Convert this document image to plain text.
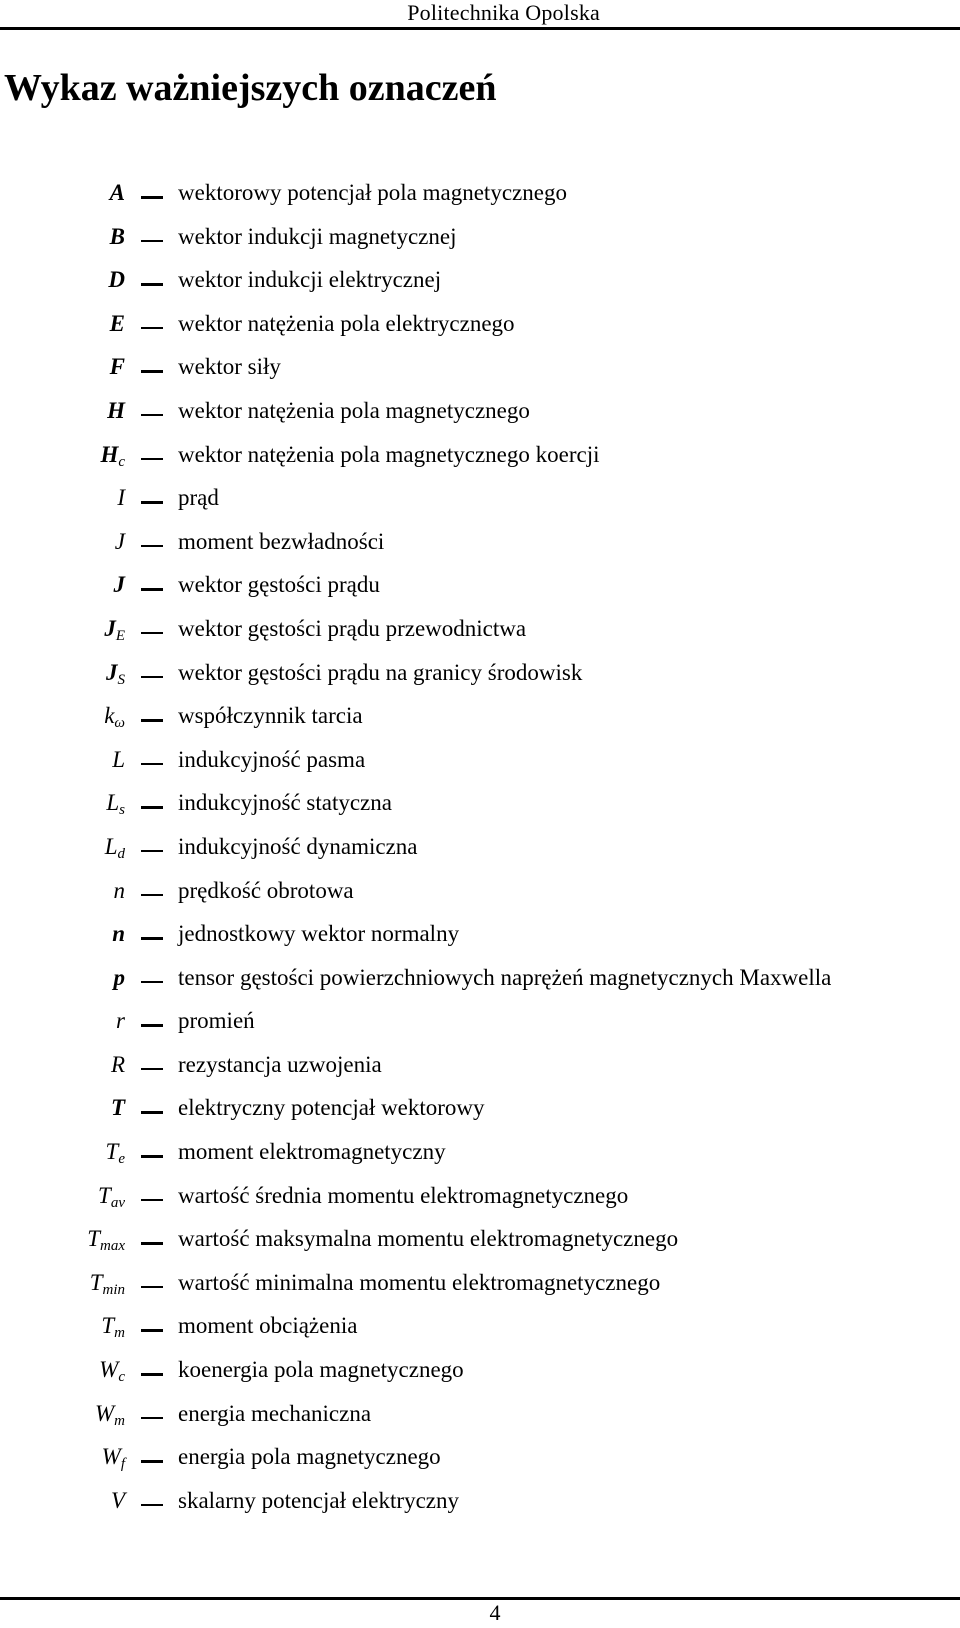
Politechnika Opolska
Wykaz ważniejszych oznaczeń
A wektorowy potencjał pola magnetycznego
B wektor indukcji magnetycznej
D wektor indukcji elektrycznej
E wektor natężenia pola elektrycznego
F wektor siły
H wektor natężenia pola magnetycznego
$H_c$ wektor natężenia pola magnetycznego koercji
I prąd
J moment bezwładności
J wektor gęstości prądu
$J_E$ wektor gęstości prądu przewodnictwa
$J_S$ wektor gęstości prądu na granicy środowisk
$k_\omega$ współczynnik tarcia
L indukcyjność pasma
$L_s$ indukcyjność statyczna
$L_d$ indukcyjność dynamiczna
n prędkość obrotowa
n jednostkowy wektor normalny
p tensor gęstości powierzchniowych naprężeń magnetycznych Maxwella
r promień
R rezystancja uzwojenia
T elektryczny potencjał wektorowy
$T_e$ moment elektromagnetyczny
$T_{av}$ wartość średnia momentu elektromagnetycznego
$T_{max}$ wartość maksymalna momentu elektromagnetycznego
$T_{min}$ wartość minimalna momentu elektromagnetycznego
$T_m$ moment obciążenia
$W_c$ koenergia pola magnetycznego
$W_m$ energia mechaniczna
$W_f$ energia pola magnetycznego
V skalarny potencjał elektryczny
4
